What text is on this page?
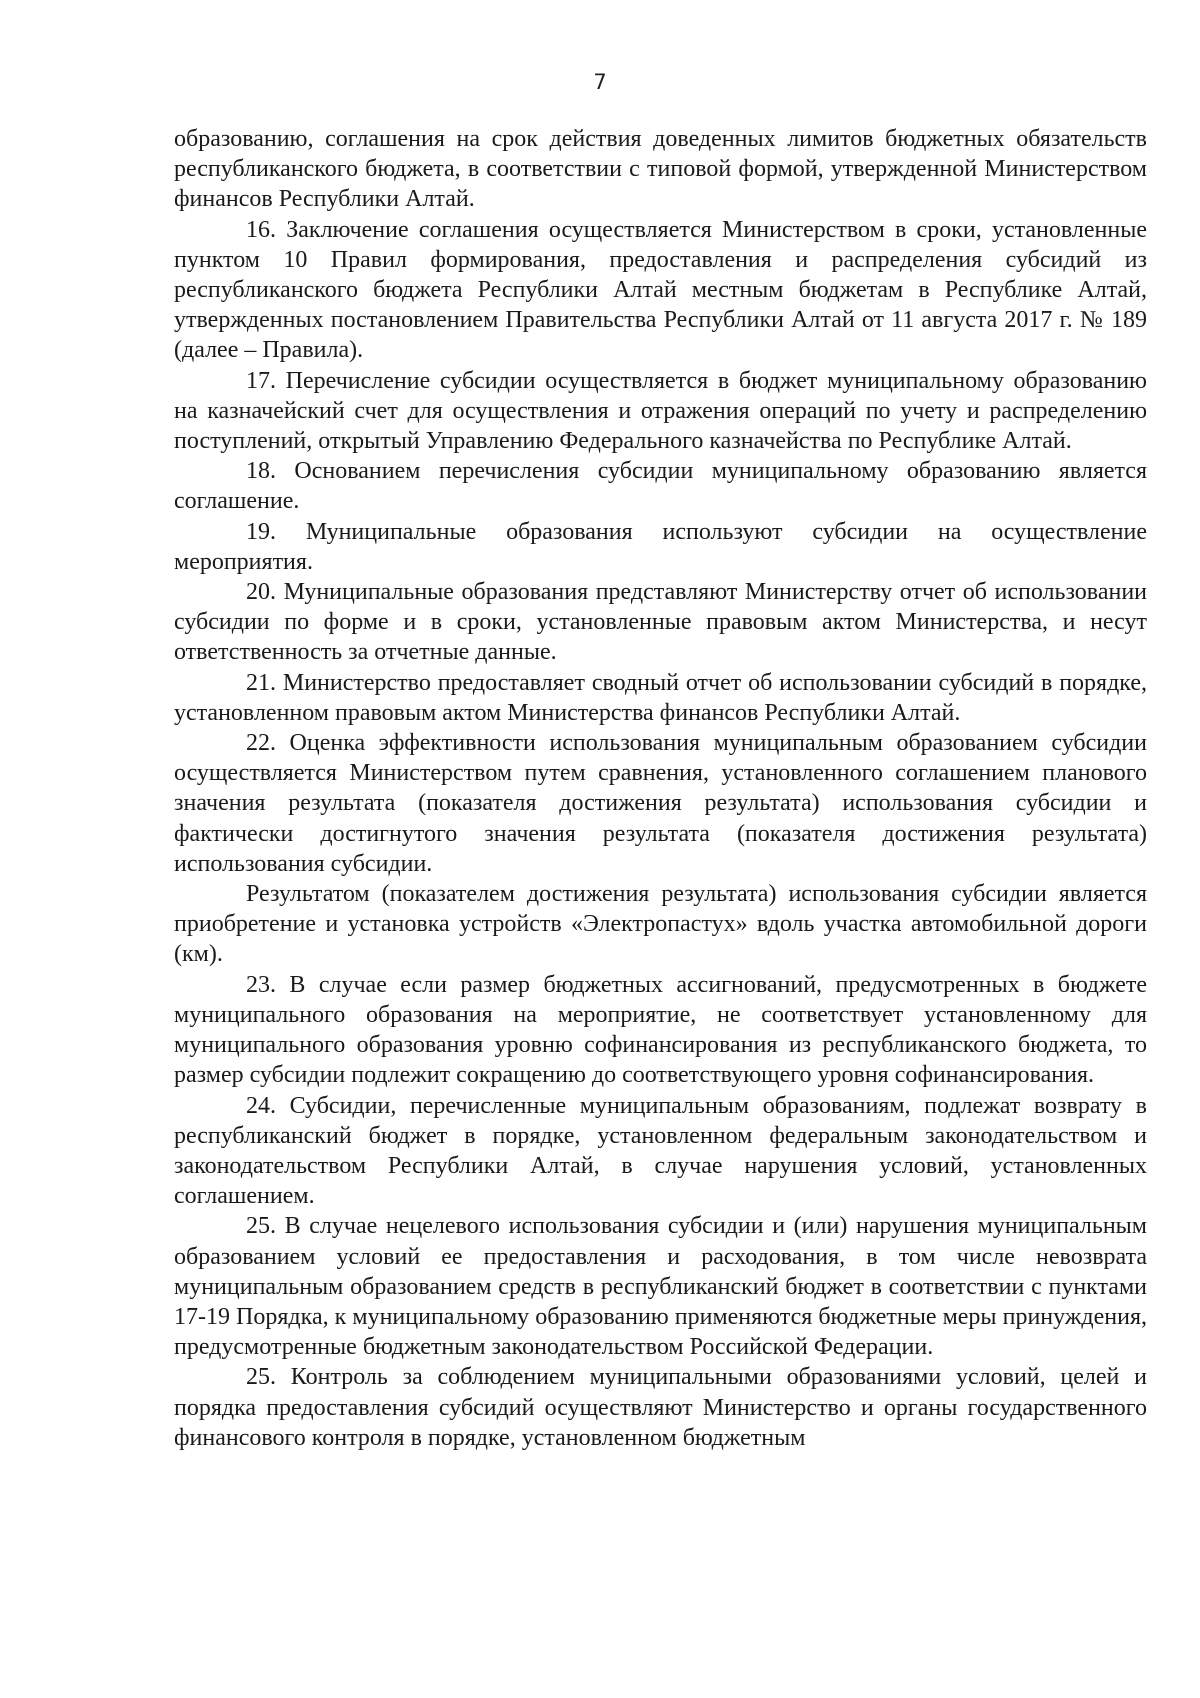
7

образованию, соглашения на срок действия доведенных лимитов бюджетных обязательств республиканского бюджета, в соответствии с типовой формой, утвержденной Министерством финансов Республики Алтай.

16. Заключение соглашения осуществляется Министерством в сроки, установленные пунктом 10 Правил формирования, предоставления и распределения субсидий из республиканского бюджета Республики Алтай местным бюджетам в Республике Алтай, утвержденных постановлением Правительства Республики Алтай от 11 августа 2017 г. № 189 (далее – Правила).

17. Перечисление субсидии осуществляется в бюджет муниципальному образованию на казначейский счет для осуществления и отражения операций по учету и распределению поступлений, открытый Управлению Федерального казначейства по Республике Алтай.

18. Основанием перечисления субсидии муниципальному образованию является соглашение.

19. Муниципальные образования используют субсидии на осуществление мероприятия.

20. Муниципальные образования представляют Министерству отчет об использовании субсидии по форме и в сроки, установленные правовым актом Министерства, и несут ответственность за отчетные данные.

21. Министерство предоставляет сводный отчет об использовании субсидий в порядке, установленном правовым актом Министерства финансов Республики Алтай.

22. Оценка эффективности использования муниципальным образованием субсидии осуществляется Министерством путем сравнения, установленного соглашением планового значения результата (показателя достижения результата) использования субсидии и фактически достигнутого значения результата (показателя достижения результата) использования субсидии.

Результатом (показателем достижения результата) использования субсидии является приобретение и установка устройств «Электропастух» вдоль участка автомобильной дороги (км).

23. В случае если размер бюджетных ассигнований, предусмотренных в бюджете муниципального образования на мероприятие, не соответствует установленному для муниципального образования уровню софинансирования из республиканского бюджета, то размер субсидии подлежит сокращению до соответствующего уровня софинансирования.

24. Субсидии, перечисленные муниципальным образованиям, подлежат возврату в республиканский бюджет в порядке, установленном федеральным законодательством и законодательством Республики Алтай, в случае нарушения условий, установленных соглашением.

25. В случае нецелевого использования субсидии и (или) нарушения муниципальным образованием условий ее предоставления и расходования, в том числе невозврата муниципальным образованием средств в республиканский бюджет в соответствии с пунктами 17-19 Порядка, к муниципальному образованию применяются бюджетные меры принуждения, предусмотренные бюджетным законодательством Российской Федерации.

25. Контроль за соблюдением муниципальными образованиями условий, целей и порядка предоставления субсидий осуществляют Министерство и органы государственного финансового контроля в порядке, установленном бюджетным
